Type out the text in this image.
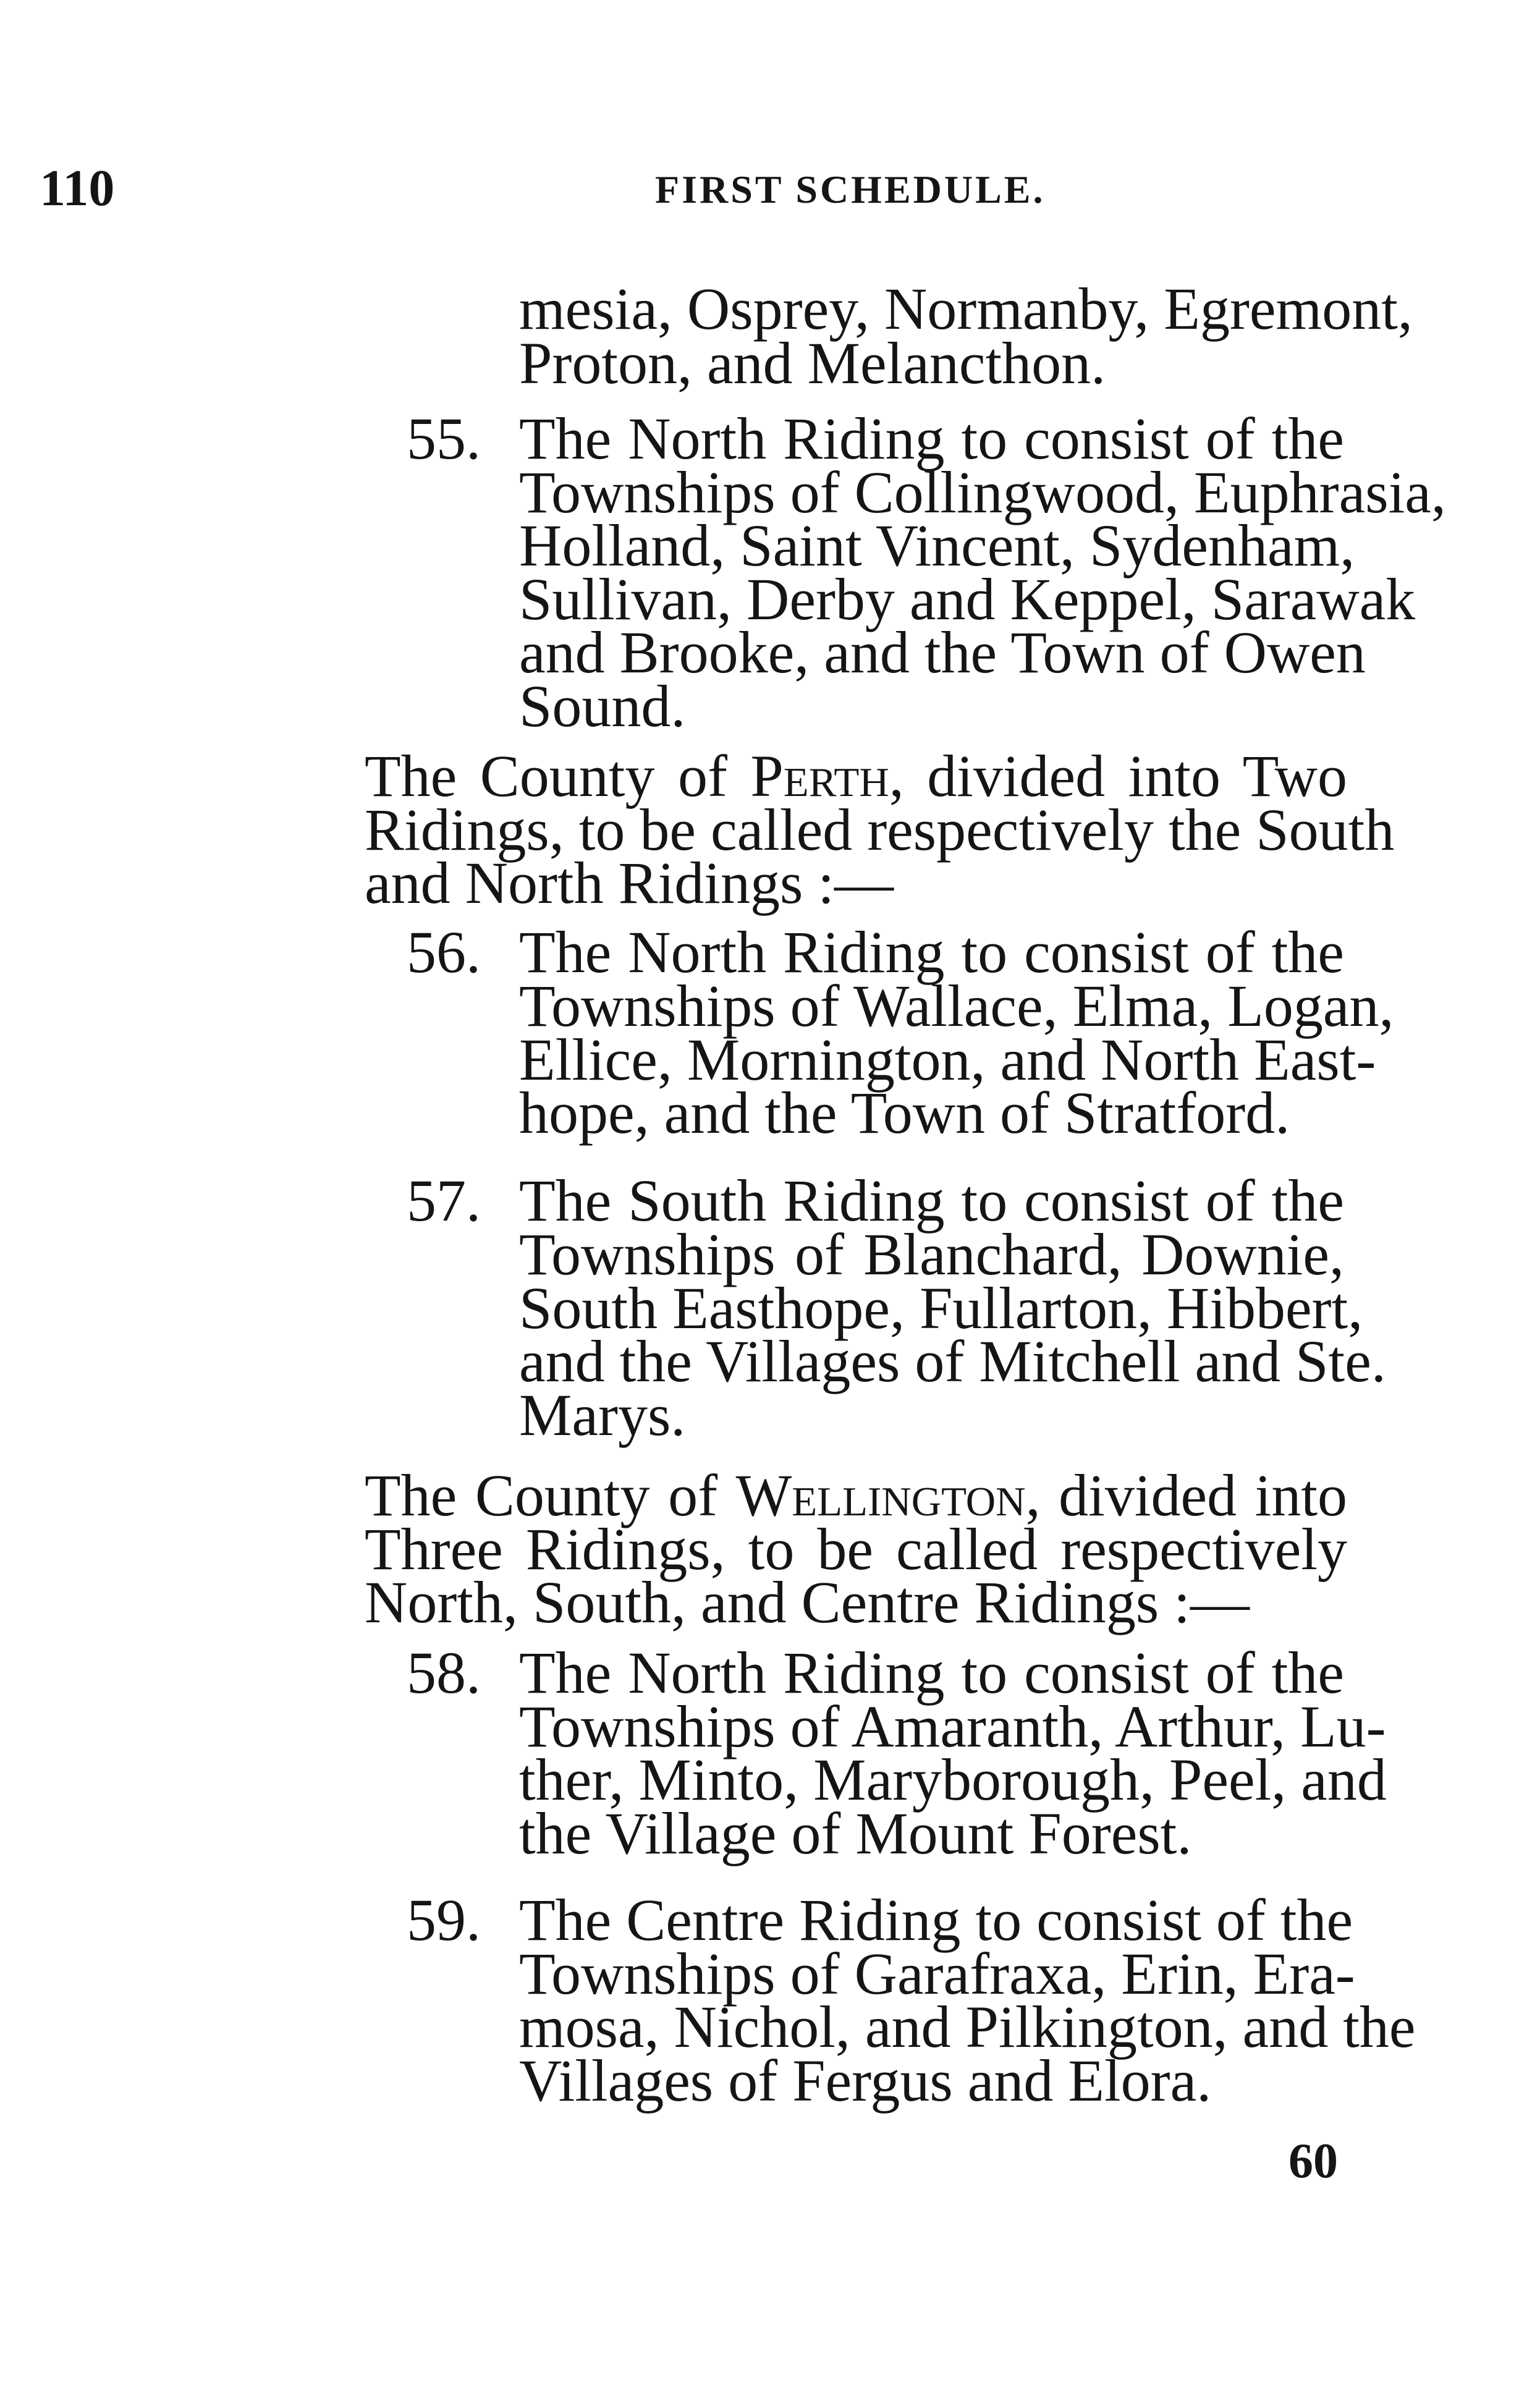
110	FIRST SCHEDULE.
mesia, Osprey, Normanby, Egremont,
Proton, and Melancthon.
55. The North Riding to consist of the
Townships of Collingwood, Euphrasia,
Holland, Saint Vincent, Sydenham,
Sullivan, Derby and Keppel, Sarawak
and Brooke, and the Town of Owen
Sound.
The County of Perth, divided into Two
Ridings, to be called respectively the South
and North Ridings :—
56. The North Riding to consist of the
Townships of Wallace, Elma, Logan,
Ellice, Mornington, and North East-
hope, and the Town of Stratford.
57. The South Riding to consist of the
Townships of Blanchard, Downie,
South Easthope, Fullarton, Hibbert,
and the Villages of Mitchell and Ste.
Marys.
The County of Wellington, divided into
Three Ridings, to be called respectively
North, South, and Centre Ridings :—
58. The North Riding to consist of the
Townships of Amaranth, Arthur, Lu-
ther, Minto, Maryborough, Peel, and
the Village of Mount Forest.
59. The Centre Riding to consist of the
Townships of Garafraxa, Erin, Era-
mosa, Nichol, and Pilkington, and the
Villages of Fergus and Elora.
60
